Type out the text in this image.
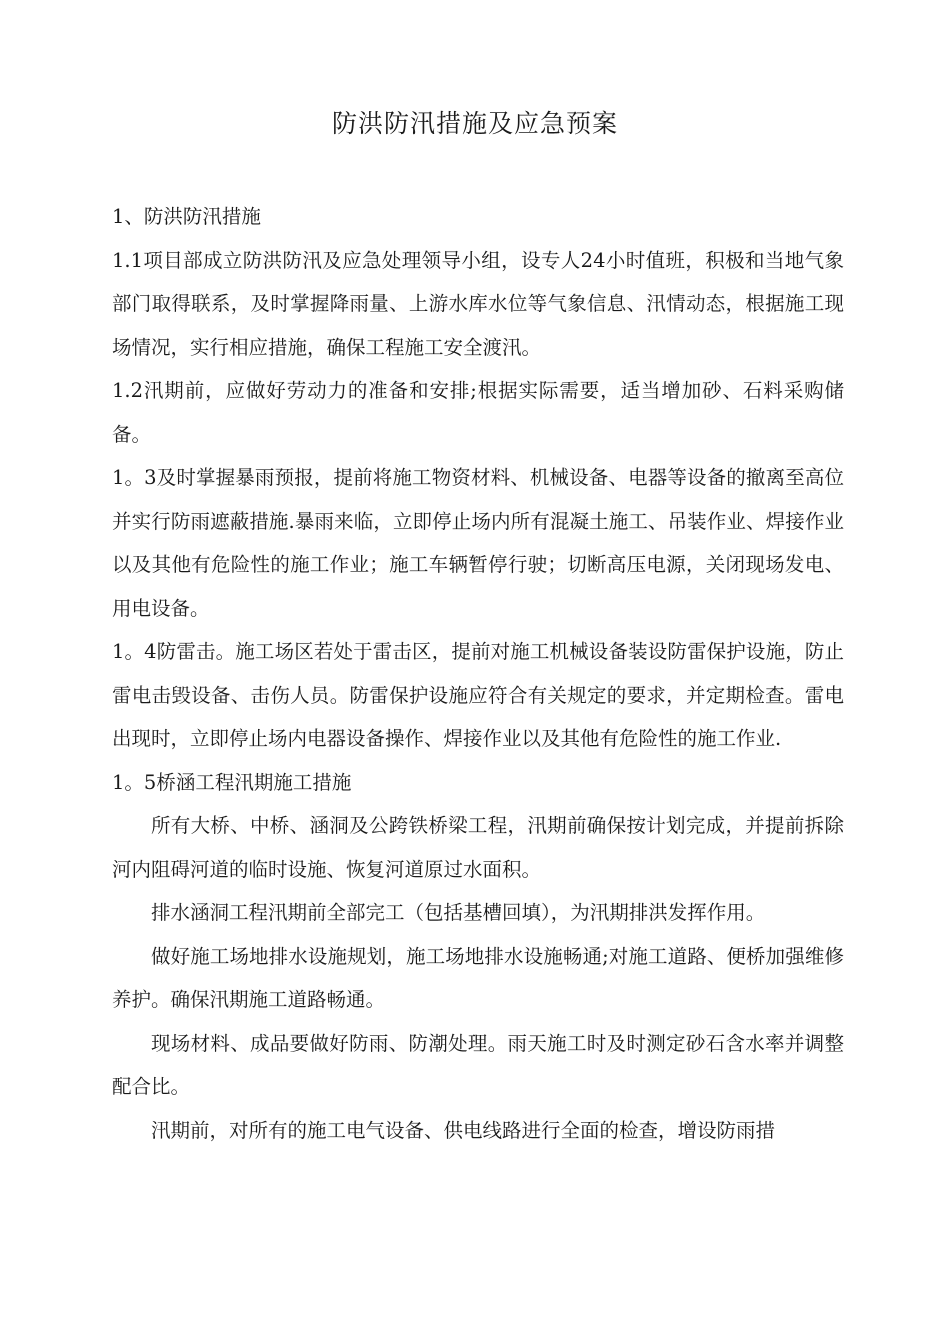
防洪防汛措施及应急预案

1、防洪防汛措施

1.1项目部成立防洪防汛及应急处理领导小组，设专人24小时值班，积极和当地气象部门取得联系，及时掌握降雨量、上游水库水位等气象信息、汛情动态，根据施工现场情况，实行相应措施，确保工程施工安全渡汛。

1.2汛期前，应做好劳动力的准备和安排;根据实际需要，适当增加砂、石料采购储备。

1。3及时掌握暴雨预报，提前将施工物资材料、机械设备、电器等设备的撤离至高位并实行防雨遮蔽措施.暴雨来临，立即停止场内所有混凝土施工、吊装作业、焊接作业以及其他有危险性的施工作业；施工车辆暂停行驶；切断高压电源，关闭现场发电、用电设备。

1。4防雷击。施工场区若处于雷击区，提前对施工机械设备装设防雷保护设施，防止雷电击毁设备、击伤人员。防雷保护设施应符合有关规定的要求，并定期检查。雷电出现时，立即停止场内电器设备操作、焊接作业以及其他有危险性的施工作业.

1。5桥涵工程汛期施工措施

所有大桥、中桥、涵洞及公跨铁桥梁工程，汛期前确保按计划完成，并提前拆除河内阻碍河道的临时设施、恢复河道原过水面积。

排水涵洞工程汛期前全部完工（包括基槽回填），为汛期排洪发挥作用。

做好施工场地排水设施规划，施工场地排水设施畅通;对施工道路、便桥加强维修养护。确保汛期施工道路畅通。

现场材料、成品要做好防雨、防潮处理。雨天施工时及时测定砂石含水率并调整配合比。

汛期前，对所有的施工电气设备、供电线路进行全面的检查，增设防雨措
